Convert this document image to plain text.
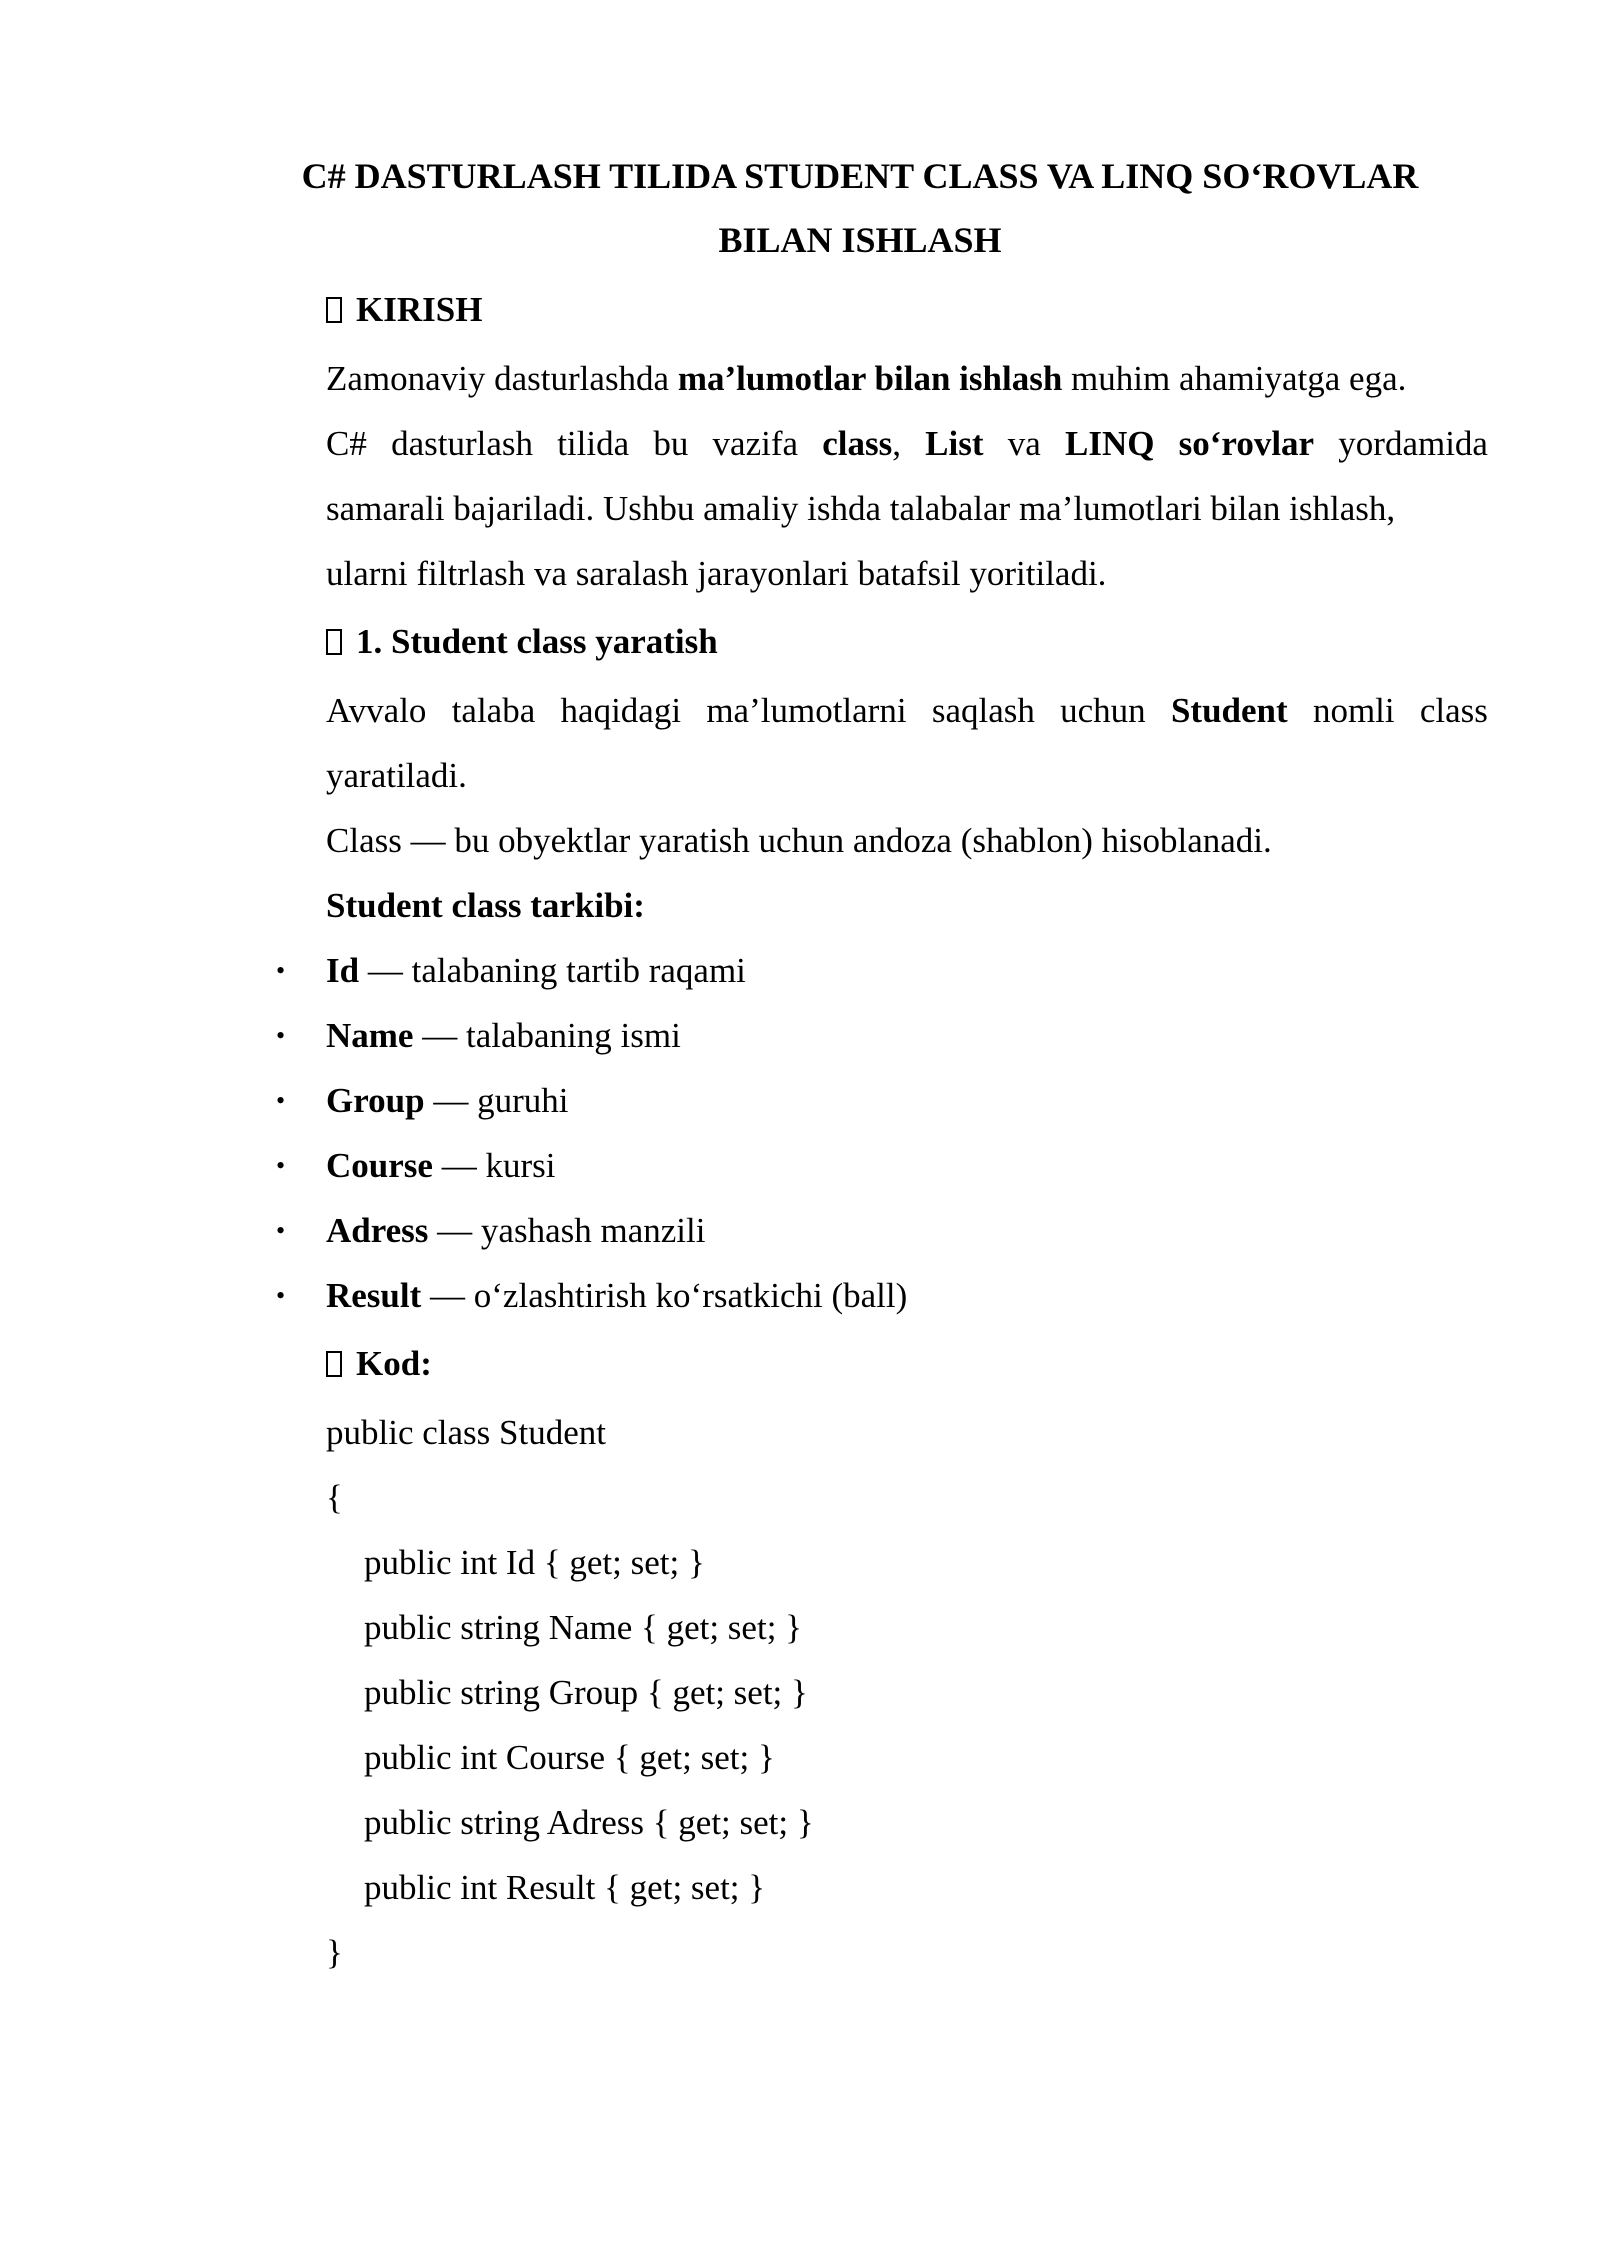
C# DASTURLASH TILIDA STUDENT CLASS VA LINQ SO‘ROVLAR
BILAN ISHLASH
KIRISH
Zamonaviy dasturlashda ma’lumotlar bilan ishlash muhim ahamiyatga ega.
C# dasturlash tilida bu vazifa class, List va LINQ so‘rovlar yordamida
samarali bajariladi. Ushbu amaliy ishda talabalar ma’lumotlari bilan ishlash,
ularni filtrlash va saralash jarayonlari batafsil yoritiladi.
1. Student class yaratish
Avvalo talaba haqidagi ma’lumotlarni saqlash uchun Student nomli class
yaratiladi.
Class — bu obyektlar yaratish uchun andoza (shablon) hisoblanadi.
Student class tarkibi:
• Id — talabaning tartib raqami
• Name — talabaning ismi
• Group — guruhi
• Course — kursi
• Adress — yashash manzili
• Result — o‘zlashtirish ko‘rsatkichi (ball)
Kod:
public class Student
{
public int Id { get; set; }
public string Name { get; set; }
public string Group { get; set; }
public int Course { get; set; }
public string Adress { get; set; }
public int Result { get; set; }
}
